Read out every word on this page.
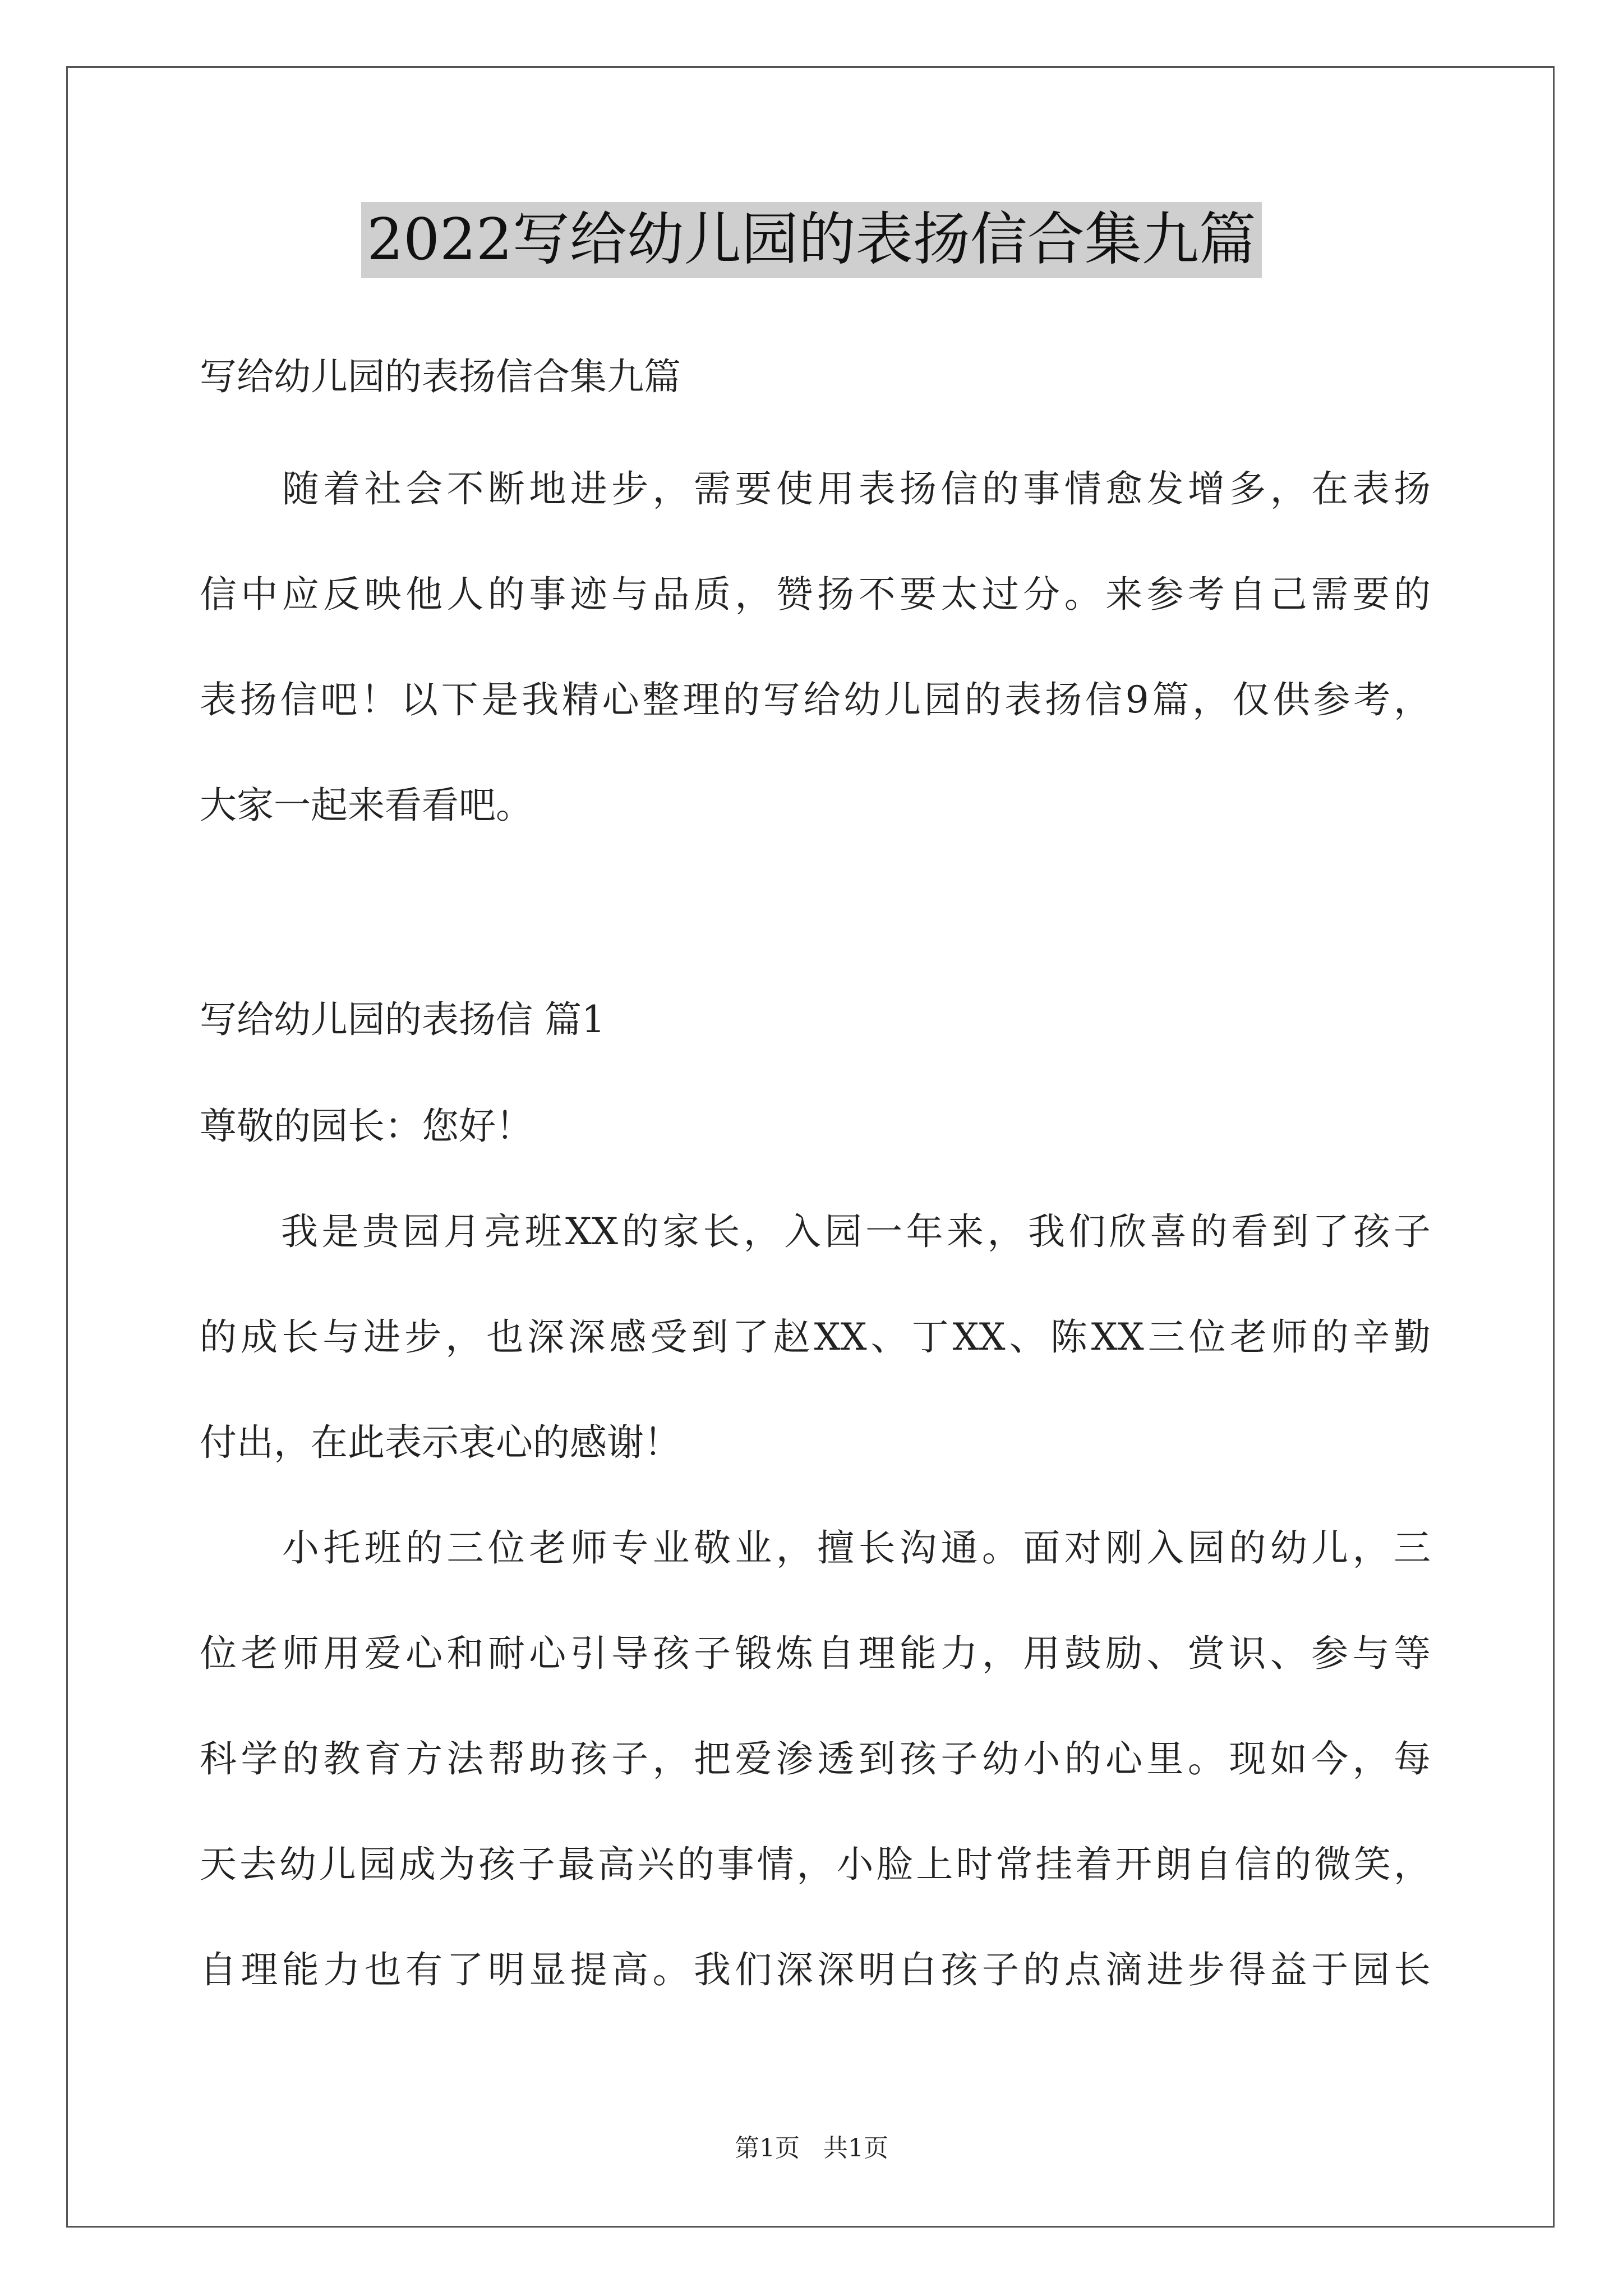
2022写给幼儿园的表扬信合集九篇
写给幼儿园的表扬信合集九篇
　　随着社会不断地进步，需要使用表扬信的事情愈发增多，在表扬
信中应反映他人的事迹与品质，赞扬不要太过分。来参考自己需要的
表扬信吧！以下是我精心整理的写给幼儿园的表扬信9篇，仅供参考，
大家一起来看看吧。
写给幼儿园的表扬信 篇1
尊敬的园长：您好！
　　我是贵园月亮班XX的家长，入园一年来，我们欣喜的看到了孩子
的成长与进步，也深深感受到了赵XX、丁XX、陈XX三位老师的辛勤
付出，在此表示衷心的感谢！
　　小托班的三位老师专业敬业，擅长沟通。面对刚入园的幼儿，三
位老师用爱心和耐心引导孩子锻炼自理能力，用鼓励、赏识、参与等
科学的教育方法帮助孩子，把爱渗透到孩子幼小的心里。现如今，每
天去幼儿园成为孩子最高兴的事情，小脸上时常挂着开朗自信的微笑，
自理能力也有了明显提高。我们深深明白孩子的点滴进步得益于园长
第1页   共1页
